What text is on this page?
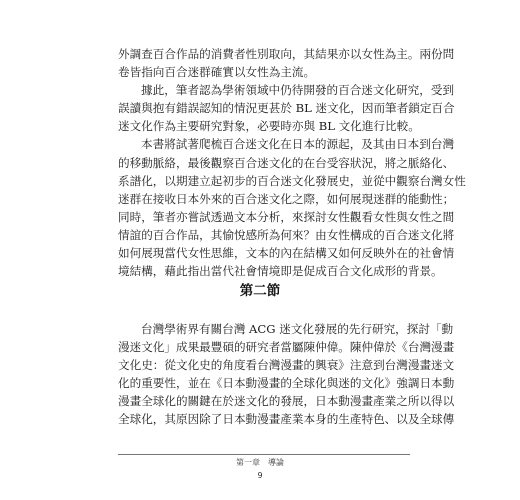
外調查百合作品的消費者性別取向，其結果亦以女性為主。兩份問
卷皆指向百合迷群確實以女性為主流。
據此，筆者認為學術領域中仍待開發的百合迷文化研究，受到
誤讀與抱有錯誤認知的情況更甚於 BL 迷文化，因而筆者鎖定百合
迷文化作為主要研究對象，必要時亦與 BL 文化進行比較。
本書將試著爬梳百合迷文化在日本的源起，及其由日本到台灣
的移動脈絡，最後觀察百合迷文化的在台受容狀況，將之脈絡化、
系譜化，以期建立起初步的百合迷文化發展史，並從中觀察台灣女性
迷群在接收日本外來的百合迷文化之際，如何展現迷群的能動性；
同時，筆者亦嘗試透過文本分析，來探討女性觀看女性與女性之間
情誼的百合作品，其愉悅感所為何來？由女性構成的百合迷文化將
如何展現當代女性思維，文本的內在結構又如何反映外在的社會情
境結構，藉此指出當代社會情境即是促成百合文化成形的背景。
第二節
台灣學術界有關台灣 ACG 迷文化發展的先行研究，探討「動
漫迷文化」成果最豐碩的研究者當屬陳仲偉。陳仲偉於《台灣漫畫
文化史：從文化史的角度看台灣漫畫的興衰》注意到台灣漫畫迷文
化的重要性，並在《日本動漫畫的全球化與迷的文化》強調日本動
漫畫全球化的關鍵在於迷文化的發展，日本動漫畫產業之所以得以
全球化，其原因除了日本動漫畫產業本身的生產特色、以及全球傳
第一章　導論
9
